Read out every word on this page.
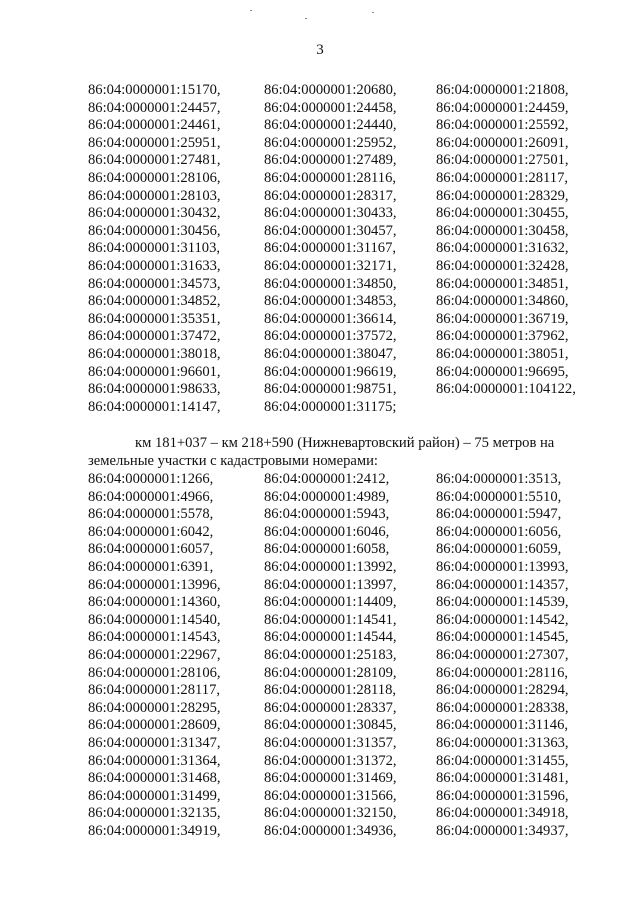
3
86:04:0000001:15170,	86:04:0000001:20680,	86:04:0000001:21808,
86:04:0000001:24457,	86:04:0000001:24458,	86:04:0000001:24459,
86:04:0000001:24461,	86:04:0000001:24440,	86:04:0000001:25592,
86:04:0000001:25951,	86:04:0000001:25952,	86:04:0000001:26091,
86:04:0000001:27481,	86:04:0000001:27489,	86:04:0000001:27501,
86:04:0000001:28106,	86:04:0000001:28116,	86:04:0000001:28117,
86:04:0000001:28103,	86:04:0000001:28317,	86:04:0000001:28329,
86:04:0000001:30432,	86:04:0000001:30433,	86:04:0000001:30455,
86:04:0000001:30456,	86:04:0000001:30457,	86:04:0000001:30458,
86:04:0000001:31103,	86:04:0000001:31167,	86:04:0000001:31632,
86:04:0000001:31633,	86:04:0000001:32171,	86:04:0000001:32428,
86:04:0000001:34573,	86:04:0000001:34850,	86:04:0000001:34851,
86:04:0000001:34852,	86:04:0000001:34853,	86:04:0000001:34860,
86:04:0000001:35351,	86:04:0000001:36614,	86:04:0000001:36719,
86:04:0000001:37472,	86:04:0000001:37572,	86:04:0000001:37962,
86:04:0000001:38018,	86:04:0000001:38047,	86:04:0000001:38051,
86:04:0000001:96601,	86:04:0000001:96619,	86:04:0000001:96695,
86:04:0000001:98633,	86:04:0000001:98751,	86:04:0000001:104122,
86:04:0000001:14147,	86:04:0000001:31175;
км 181+037 – км 218+590 (Нижневартовский район) – 75 метров на
земельные участки с кадастровыми номерами:
86:04:0000001:1266,	86:04:0000001:2412,	86:04:0000001:3513,
86:04:0000001:4966,	86:04:0000001:4989,	86:04:0000001:5510,
86:04:0000001:5578,	86:04:0000001:5943,	86:04:0000001:5947,
86:04:0000001:6042,	86:04:0000001:6046,	86:04:0000001:6056,
86:04:0000001:6057,	86:04:0000001:6058,	86:04:0000001:6059,
86:04:0000001:6391,	86:04:0000001:13992,	86:04:0000001:13993,
86:04:0000001:13996,	86:04:0000001:13997,	86:04:0000001:14357,
86:04:0000001:14360,	86:04:0000001:14409,	86:04:0000001:14539,
86:04:0000001:14540,	86:04:0000001:14541,	86:04:0000001:14542,
86:04:0000001:14543,	86:04:0000001:14544,	86:04:0000001:14545,
86:04:0000001:22967,	86:04:0000001:25183,	86:04:0000001:27307,
86:04:0000001:28106,	86:04:0000001:28109,	86:04:0000001:28116,
86:04:0000001:28117,	86:04:0000001:28118,	86:04:0000001:28294,
86:04:0000001:28295,	86:04:0000001:28337,	86:04:0000001:28338,
86:04:0000001:28609,	86:04:0000001:30845,	86:04:0000001:31146,
86:04:0000001:31347,	86:04:0000001:31357,	86:04:0000001:31363,
86:04:0000001:31364,	86:04:0000001:31372,	86:04:0000001:31455,
86:04:0000001:31468,	86:04:0000001:31469,	86:04:0000001:31481,
86:04:0000001:31499,	86:04:0000001:31566,	86:04:0000001:31596,
86:04:0000001:32135,	86:04:0000001:32150,	86:04:0000001:34918,
86:04:0000001:34919,	86:04:0000001:34936,	86:04:0000001:34937,
